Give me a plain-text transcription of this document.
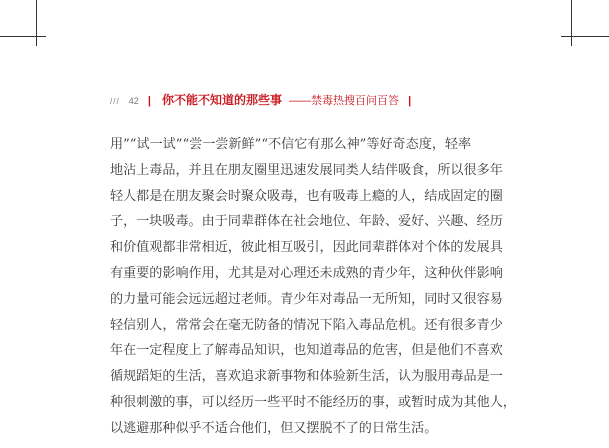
/// 42 | 你不能不知道的那些事 ——禁毒热搜百问百答 |

用”“试一试”“尝一尝新鲜”“不信它有那么神”等好奇态度，轻率
地沾上毒品，并且在朋友圈里迅速发展同类人结伴吸食，所以很多年
轻人都是在朋友聚会时聚众吸毒，也有吸毒上瘾的人，结成固定的圈
子，一块吸毒。由于同辈群体在社会地位、年龄、爱好、兴趣、经历
和价值观都非常相近，彼此相互吸引，因此同辈群体对个体的发展具
有重要的影响作用，尤其是对心理还未成熟的青少年，这种伙伴影响
的力量可能会远远超过老师。青少年对毒品一无所知，同时又很容易
轻信别人，常常会在毫无防备的情况下陷入毒品危机。还有很多青少
年在一定程度上了解毒品知识，也知道毒品的危害，但是他们不喜欢
循规蹈矩的生活，喜欢追求新事物和体验新生活，认为服用毒品是一
种很刺激的事，可以经历一些平时不能经历的事，或暂时成为其他人，
以逃避那种似乎不适合他们，但又摆脱不了的日常生活。
